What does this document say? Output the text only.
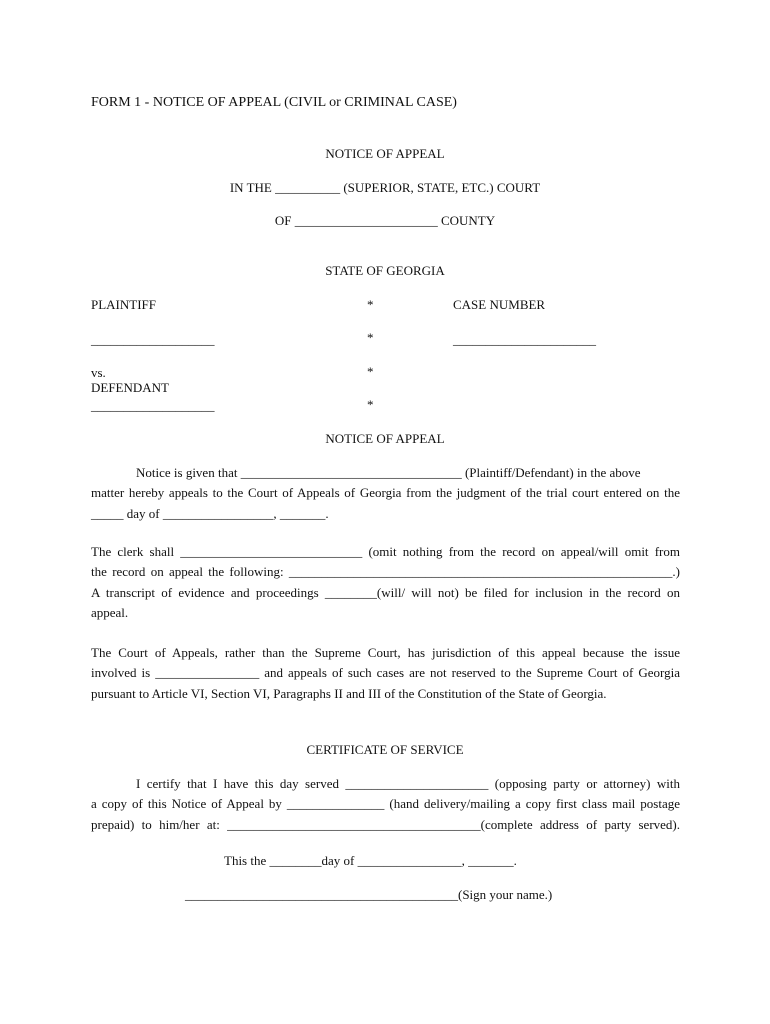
FORM 1 - NOTICE OF APPEAL (CIVIL or CRIMINAL CASE)
NOTICE OF APPEAL
IN THE __________ (SUPERIOR, STATE, ETC.) COURT
OF ______________________ COUNTY
STATE OF GEORGIA
PLAINTIFF
___________________
vs.
DEFENDANT
___________________
*
*
*
*
CASE NUMBER
______________________
NOTICE OF APPEAL
Notice is given that __________________________________ (Plaintiff/Defendant) in the above
matter hereby appeals to the Court of Appeals of Georgia from the judgment of the trial court entered on the
_____ day of _________________, _______.
The clerk shall ____________________________ (omit nothing from the record on appeal/will omit from
the record on appeal the following: ___________________________________________________________.)
A transcript of evidence and proceedings ________(will/ will not) be filed for inclusion in the record on
appeal.
The Court of Appeals, rather than the Supreme Court, has jurisdiction of this appeal because the issue
involved is ________________ and appeals of such cases are not reserved to the Supreme Court of Georgia
pursuant to Article VI, Section VI, Paragraphs II and III of the Constitution of the State of Georgia.
CERTIFICATE OF SERVICE
I certify that I have this day served ______________________ (opposing party or attorney) with
a copy of this Notice of Appeal by _______________ (hand delivery/mailing a copy first class mail postage
prepaid) to him/her at: _______________________________________(complete address of party served).
This the ________day of ________________, _______.
__________________________________________(Sign your name.)
